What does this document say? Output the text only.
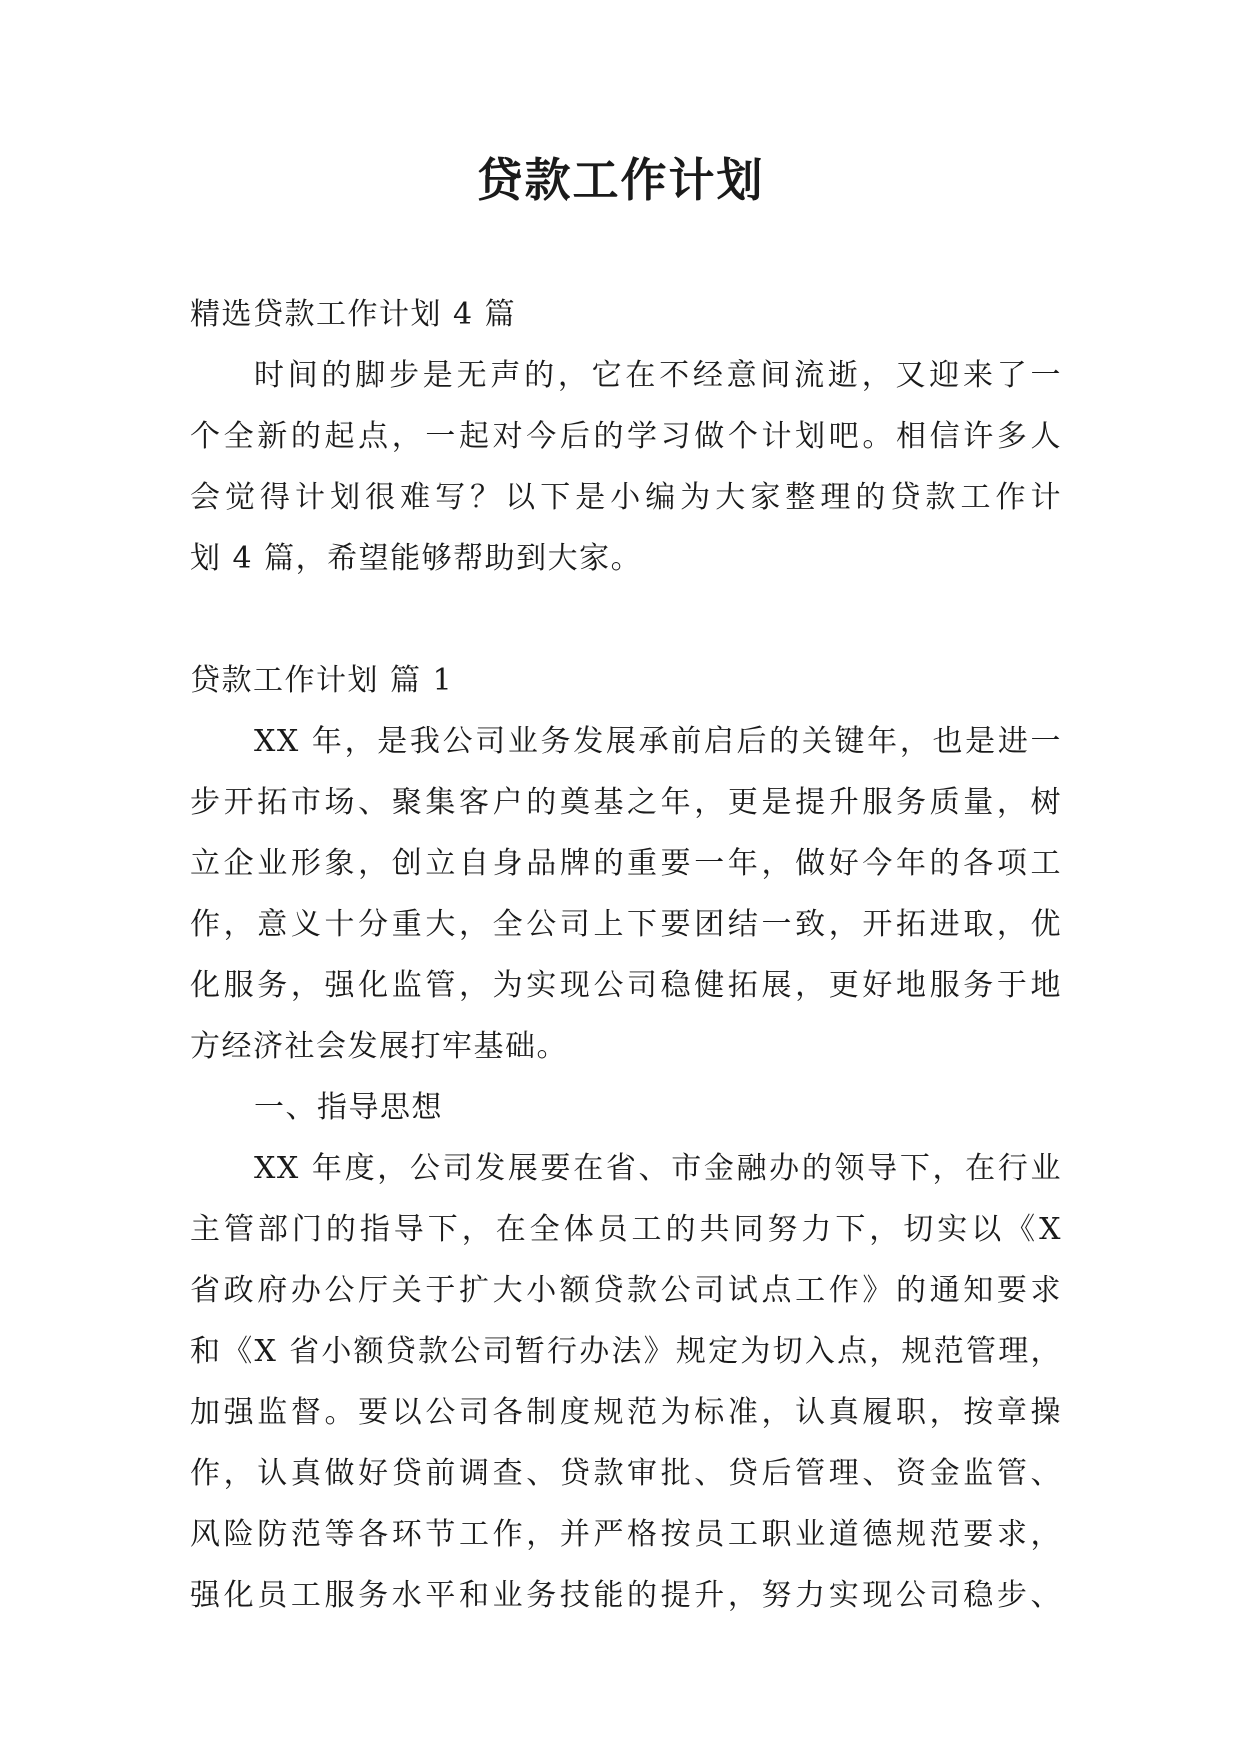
贷款工作计划
精选贷款工作计划 4 篇
时间的脚步是无声的，它在不经意间流逝，又迎来了一
个全新的起点，一起对今后的学习做个计划吧。相信许多人
会觉得计划很难写？以下是小编为大家整理的贷款工作计
划 4 篇，希望能够帮助到大家。
贷款工作计划 篇 1
XX 年，是我公司业务发展承前启后的关键年，也是进一
步开拓市场、聚集客户的奠基之年，更是提升服务质量，树
立企业形象，创立自身品牌的重要一年，做好今年的各项工
作，意义十分重大，全公司上下要团结一致，开拓进取，优
化服务，强化监管，为实现公司稳健拓展，更好地服务于地
方经济社会发展打牢基础。
一、指导思想
XX 年度，公司发展要在省、市金融办的领导下，在行业
主管部门的指导下，在全体员工的共同努力下，切实以《X
省政府办公厅关于扩大小额贷款公司试点工作》的通知要求
和《X 省小额贷款公司暂行办法》规定为切入点，规范管理，
加强监督。要以公司各制度规范为标准，认真履职，按章操
作，认真做好贷前调查、贷款审批、贷后管理、资金监管、
风险防范等各环节工作，并严格按员工职业道德规范要求，
强化员工服务水平和业务技能的提升，努力实现公司稳步、
